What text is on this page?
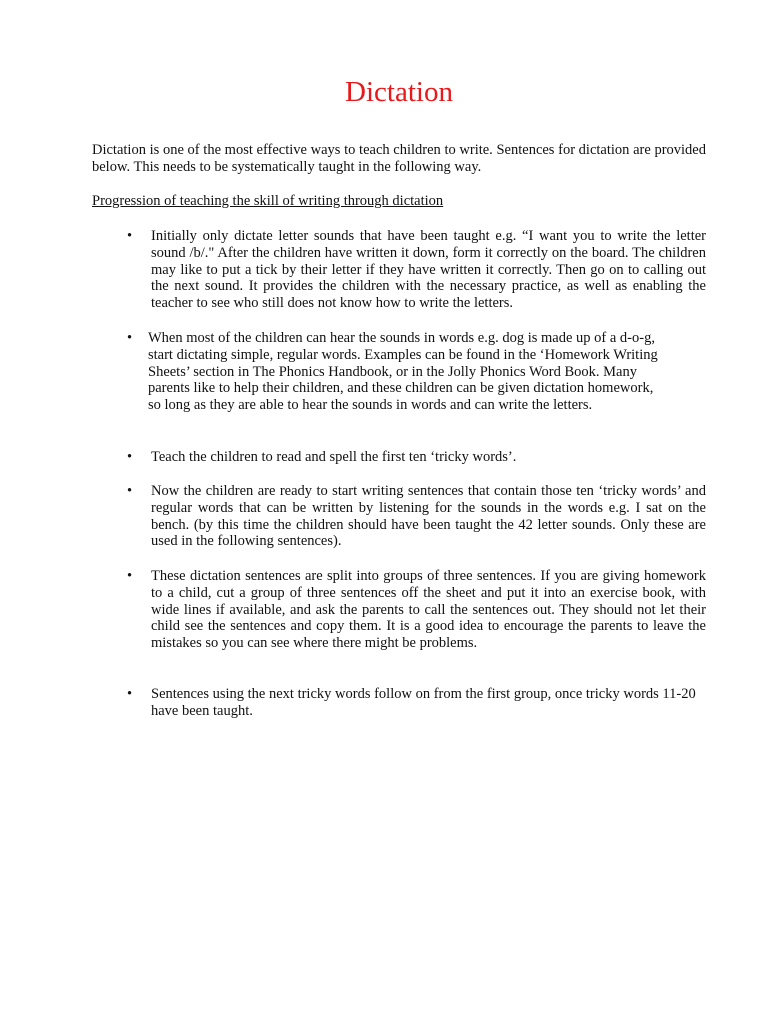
Dictation

Dictation is one of the most effective ways to teach children to write. Sentences for dictation are provided below. This needs to be systematically taught in the following way.

Progression of teaching the skill of writing through dictation

• Initially only dictate letter sounds that have been taught e.g. “I want you to write the letter sound /b/." After the children have written it down, form it correctly on the board. The children may like to put a tick by their letter if they have written it correctly. Then go on to calling out the next sound. It provides the children with the necessary practice, as well as enabling the teacher to see who still does not know how to write the letters.

• When most of the children can hear the sounds in words e.g. dog is made up of a d-o-g, start dictating simple, regular words. Examples can be found in the ‘Homework Writing Sheets’ section in The Phonics Handbook, or in the Jolly Phonics Word Book. Many parents like to help their children, and these children can be given dictation homework, so long as they are able to hear the sounds in words and can write the letters.

• Teach the children to read and spell the first ten ‘tricky words’.

• Now the children are ready to start writing sentences that contain those ten ‘tricky words’ and regular words that can be written by listening for the sounds in the words e.g. I sat on the bench. (by this time the children should have been taught the 42 letter sounds. Only these are used in the following sentences).

• These dictation sentences are split into groups of three sentences. If you are giving homework to a child, cut a group of three sentences off the sheet and put it into an exercise book, with wide lines if available, and ask the parents to call the sentences out. They should not let their child see the sentences and copy them. It is a good idea to encourage the parents to leave the mistakes so you can see where there might be problems.

• Sentences using the next tricky words follow on from the first group, once tricky words 11-20 have been taught.
